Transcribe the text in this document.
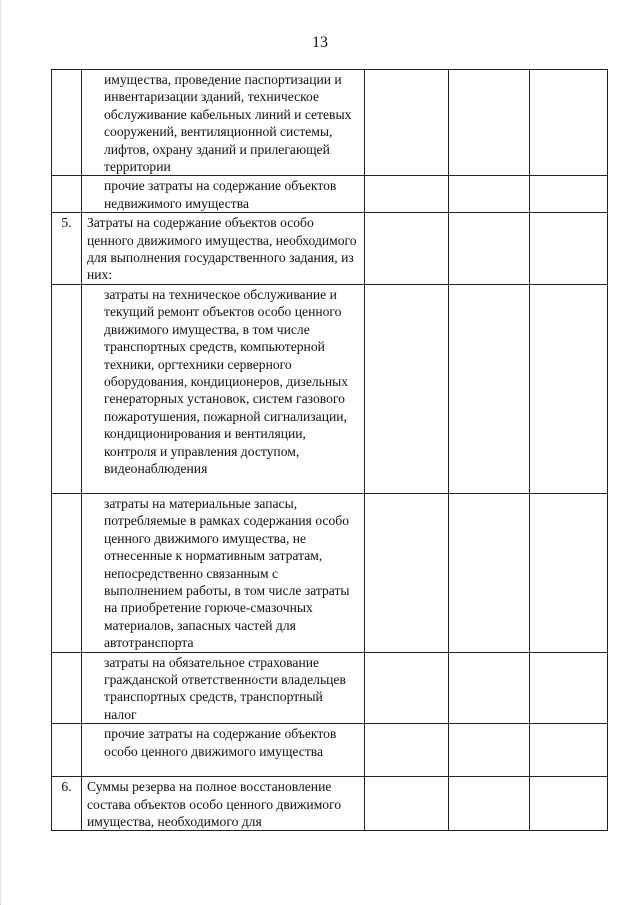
13
	имущества, проведение паспортизации и инвентаризации зданий, техническое обслуживание кабельных линий и сетевых сооружений, вентиляционной системы, лифтов, охрану зданий и прилегающей территории			
	прочие затраты на содержание объектов недвижимого имущества			
5.	Затраты на содержание объектов особо ценного движимого имущества, необходимого для выполнения государственного задания, из них:			
	затраты на техническое обслуживание и текущий ремонт объектов особо ценного движимого имущества, в том числе транспортных средств, компьютерной техники, оргтехники серверного оборудования, кондиционеров, дизельных генераторных установок, систем газового пожаротушения, пожарной сигнализации, кондиционирования и вентиляции, контроля и управления доступом, видеонаблюдения			
	затраты на материальные запасы, потребляемые в рамках содержания особо ценного движимого имущества, не отнесенные к нормативным затратам, непосредственно связанным с выполнением работы, в том числе затраты на приобретение горюче-смазочных материалов, запасных частей для автотранспорта			
	затраты на обязательное страхование гражданской ответственности владельцев транспортных средств, транспортный налог			
	прочие затраты на содержание объектов особо ценного движимого имущества			
6.	Суммы резерва на полное восстановление состава объектов особо ценного движимого имущества, необходимого для			
